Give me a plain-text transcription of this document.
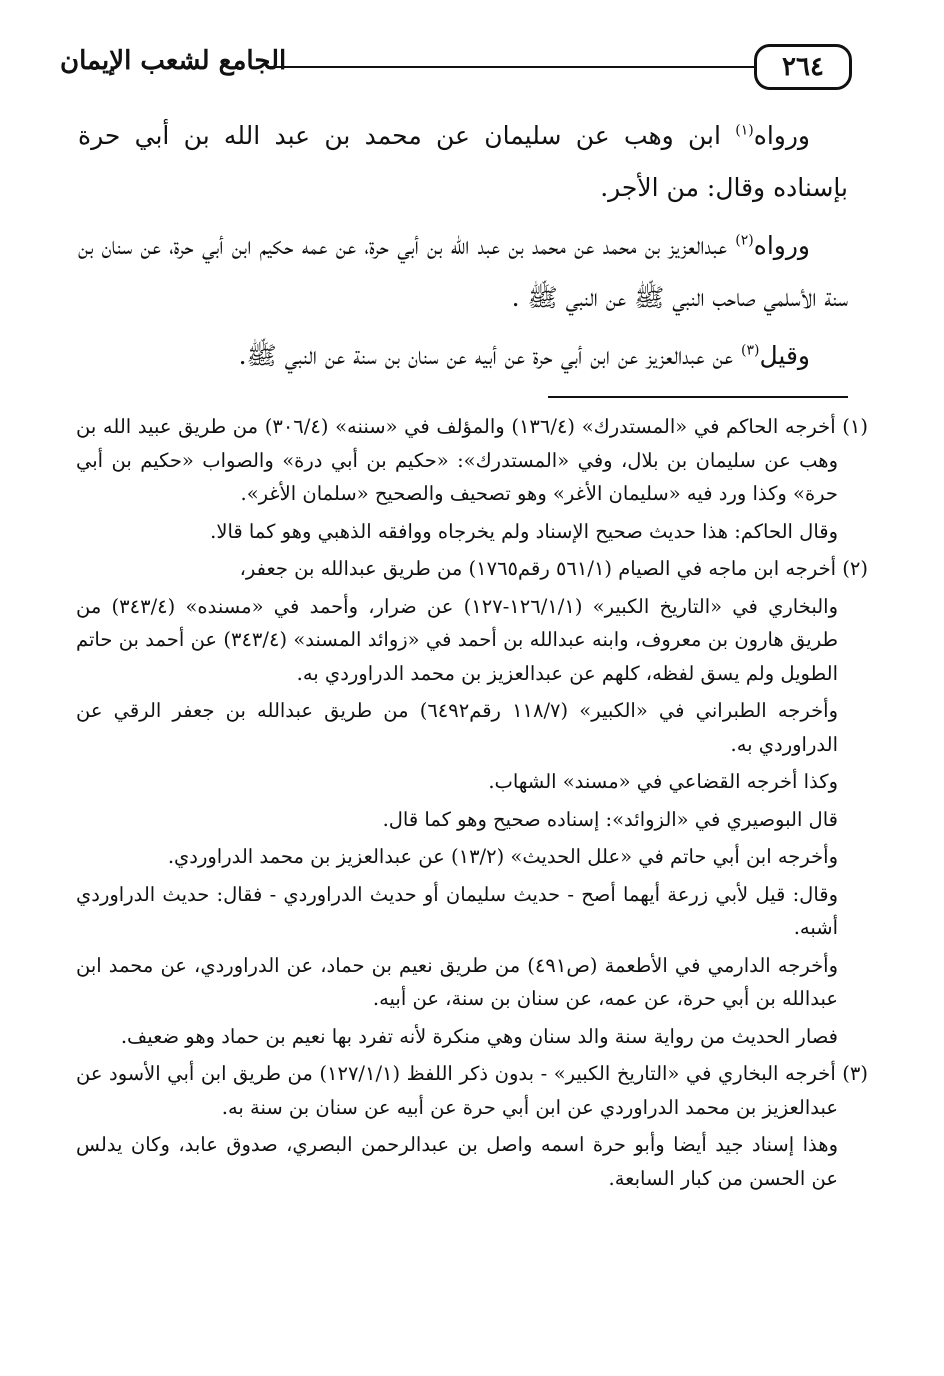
٢٦٤
الجامع لشعب الإيمان

ورواه$^{(١)}$ ابن وهب عن سليمان عن محمد بن عبد الله بن أبي حرة بإسناده وقال: من الأجر.

ورواه$^{(٢)}$ عبدالعزيز بن محمد عن محمد بن عبد الله بن أبي حرة، عن عمه حكيم ابن أبي حرة، عن سنان بن سنة الأسلمي صاحب النبي ﷺ عن النبي ﷺ .

وقيل$^{(٣)}$ عن عبدالعزيز عن ابن أبي حرة عن أبيه عن سنان بن سنة عن النبي ﷺ.

(١) أخرجه الحاكم في «المستدرك» (١٣٦/٤) والمؤلف في «سننه» (٣٠٦/٤) من طريق عبيد الله بن وهب عن سليمان بن بلال، وفي «المستدرك»: «حكيم بن أبي درة» والصواب «حكيم بن أبي حرة» وكذا ورد فيه «سليمان الأغر» وهو تصحيف والصحيح «سلمان الأغر».

وقال الحاكم: هذا حديث صحيح الإسناد ولم يخرجاه ووافقه الذهبي وهو كما قالا.

(٢) أخرجه ابن ماجه في الصيام (٥٦١/١ رقم١٧٦٥) من طريق عبدالله بن جعفر،

والبخاري في «التاريخ الكبير» (١٢٦/١/١-١٢٧) عن ضرار، وأحمد في «مسنده» (٣٤٣/٤) من طريق هارون بن معروف، وابنه عبدالله بن أحمد في «زوائد المسند» (٣٤٣/٤) عن أحمد بن حاتم الطويل ولم يسق لفظه، كلهم عن عبدالعزيز بن محمد الدراوردي به.

وأخرجه الطبراني في «الكبير» (١١٨/٧ رقم٦٤٩٢) من طريق عبدالله بن جعفر الرقي عن الدراوردي به.

وكذا أخرجه القضاعي في «مسند» الشهاب.

قال البوصيري في «الزوائد»: إسناده صحيح وهو كما قال.

وأخرجه ابن أبي حاتم في «علل الحديث» (١٣/٢) عن عبدالعزيز بن محمد الدراوردي.

وقال: قيل لأبي زرعة أيهما أصح - حديث سليمان أو حديث الدراوردي - فقال: حديث الدراوردي أشبه.

وأخرجه الدارمي في الأطعمة (ص٤٩١) من طريق نعيم بن حماد، عن الدراوردي، عن محمد ابن عبدالله بن أبي حرة، عن عمه، عن سنان بن سنة، عن أبيه.

فصار الحديث من رواية سنة والد سنان وهي منكرة لأنه تفرد بها نعيم بن حماد وهو ضعيف.

(٣) أخرجه البخاري في «التاريخ الكبير» - بدون ذكر اللفظ (١٢٧/١/١) من طريق ابن أبي الأسود عن عبدالعزيز بن محمد الدراوردي عن ابن أبي حرة عن أبيه عن سنان بن سنة به.

وهذا إسناد جيد أيضا وأبو حرة اسمه واصل بن عبدالرحمن البصري، صدوق عابد، وكان يدلس عن الحسن من كبار السابعة.
